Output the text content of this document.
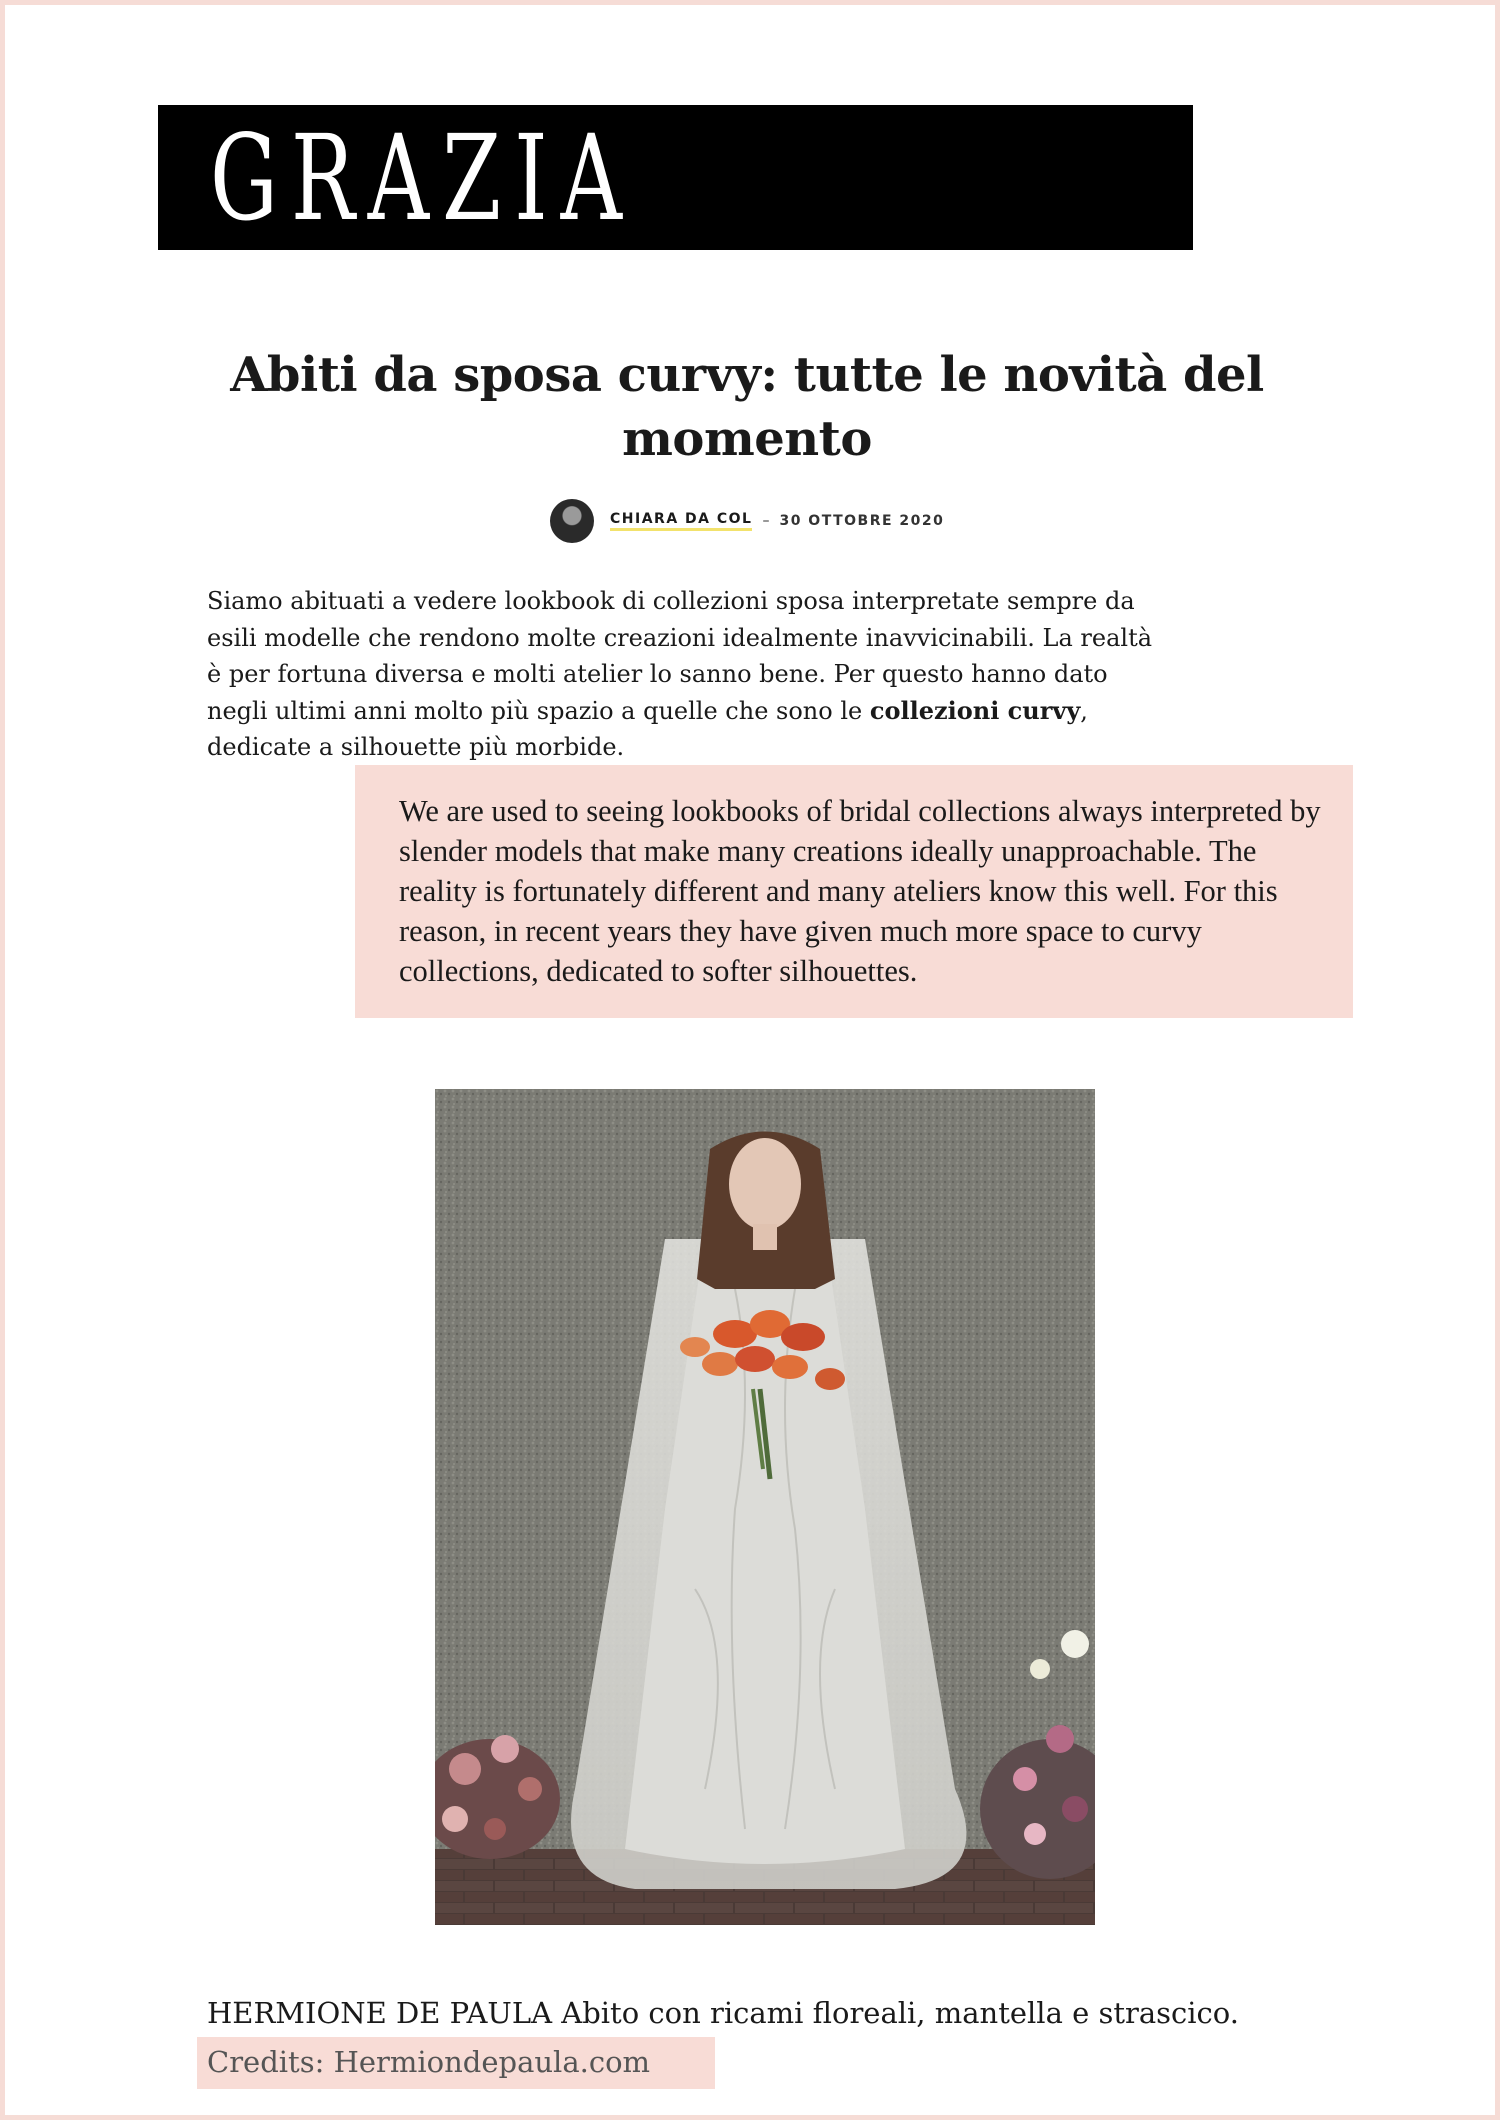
GRAZIA
Abiti da sposa curvy: tutte le novità del momento
CHIARA DA COL – 30 OTTOBRE 2020

Siamo abituati a vedere lookbook di collezioni sposa interpretate sempre da esili modelle che rendono molte creazioni idealmente inavvicinabili. La realtà è per fortuna diversa e molti atelier lo sanno bene. Per questo hanno dato negli ultimi anni molto più spazio a quelle che sono le collezioni curvy, dedicate a silhouette più morbide.

We are used to seeing lookbooks of bridal collections always interpreted by slender models that make many creations ideally unapproachable. The reality is fortunately different and many ateliers know this well. For this reason, in recent years they have given much more space to curvy collections, dedicated to softer silhouettes.

HERMIONE DE PAULA Abito con ricami floreali, mantella e strascico.

Credits: Hermiondepaula.com
